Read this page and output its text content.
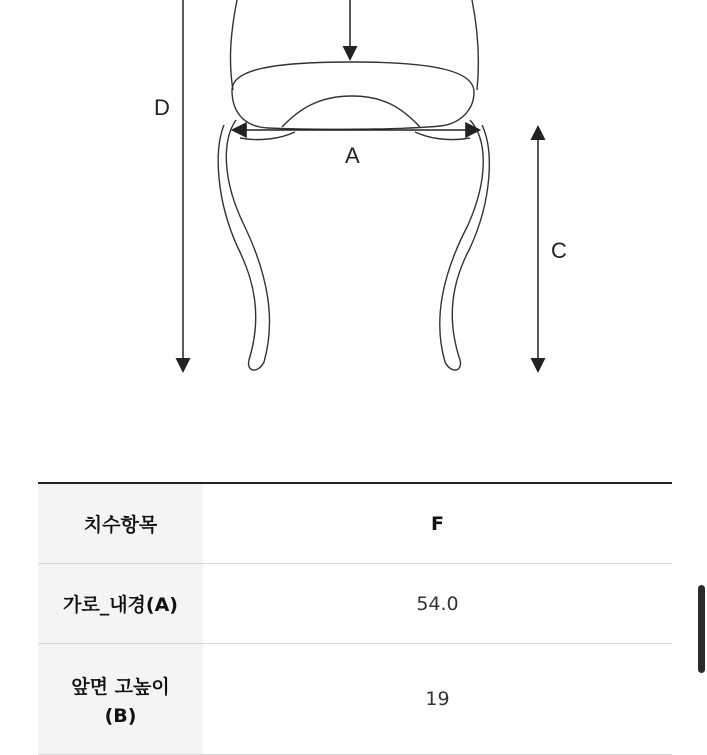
A
D
C
치수항목	F
가로_내경(A)	54.0

앞면 고높이
(B)	19
